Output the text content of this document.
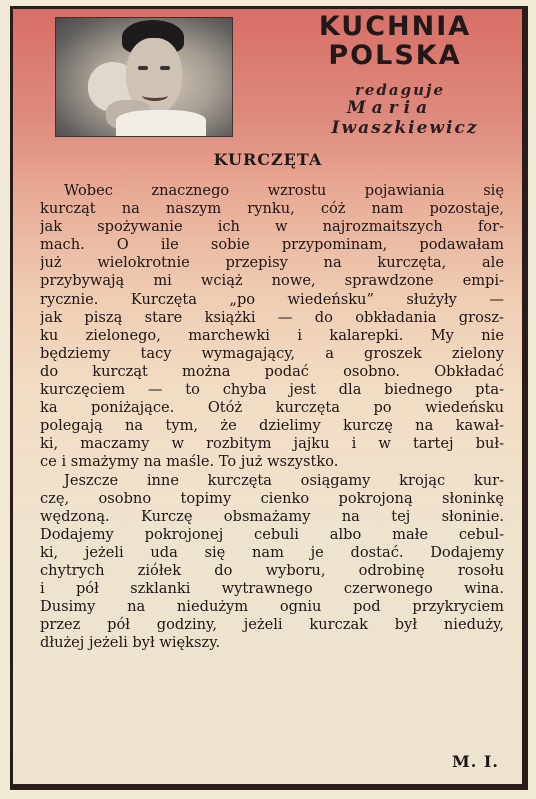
KUCHNIA
POLSKA
redaguje
Maria
Iwaszkiewicz
KURCZĘTA

Wobec znacznego wzrostu pojawiania się
kurcząt na naszym rynku, cóż nam pozostaje,
jak spożywanie ich w najrozmaitszych for-
mach. O ile sobie przypominam, podawałam
już wielokrotnie przepisy na kurczęta, ale
przybywają mi wciąż nowe, sprawdzone empi-
rycznie. Kurczęta „po wiedeńsku” służyły —
jak piszą stare książki — do obkładania grosz-
ku zielonego, marchewki i kalarepki. My nie
będziemy tacy wymagający, a groszek zielony
do kurcząt można podać osobno. Obkładać
kurczęciem — to chyba jest dla biednego ptа-
ka poniżające. Otóż kurczęta po wiedeńsku
polegają na tym, że dzielimy kurczę na kawał-
ki, maczamy w rozbitym jajku i w tartej buł-
ce i smażymy na maśle. To już wszystko.

Jeszcze inne kurczęta osiągamy krojąc kur-
czę, osobno topimy cienko pokrojoną słoninkę
wędzoną. Kurczę obsmażamy na tej słoninie.
Dodajemy pokrojonej cebuli albo małe cebul-
ki, jeżeli uda się nam je dostać. Dodajemy
chytrych ziółek do wyboru, odrobinę rosołu
i pół szklanki wytrawnego czerwonego wina.
Dusimy na niedużym ogniu pod przykryciem
przez pół godziny, jeżeli kurczak był nieduży,
dłużej jeżeli był większy.

M. I.
